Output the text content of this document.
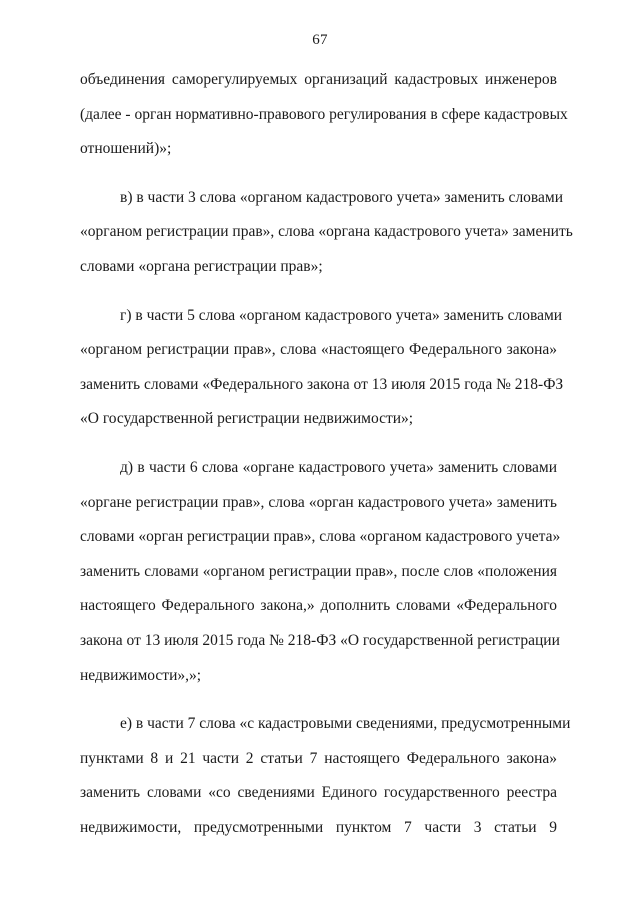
67
объединения саморегулируемых организаций кадастровых инженеров
(далее - орган нормативно-правового регулирования в сфере кадастровых
отношений)»;
в) в части 3 слова «органом кадастрового учета» заменить словами
«органом регистрации прав», слова «органа кадастрового учета» заменить
словами «органа регистрации прав»;
г) в части 5 слова «органом кадастрового учета» заменить словами
«органом регистрации прав», слова «настоящего Федерального закона»
заменить словами «Федерального закона от 13 июля 2015 года № 218-ФЗ
«О государственной регистрации недвижимости»;
д) в части 6 слова «органе кадастрового учета» заменить словами
«органе регистрации прав», слова «орган кадастрового учета» заменить
словами «орган регистрации прав», слова «органом кадастрового учета»
заменить словами «органом регистрации прав», после слов «положения
настоящего Федерального закона,» дополнить словами «Федерального
закона от 13 июля 2015 года № 218-ФЗ «О государственной регистрации
недвижимости»,»;
е) в части 7 слова «с кадастровыми сведениями, предусмотренными
пунктами 8 и 21 части 2 статьи 7 настоящего Федерального закона»
заменить словами «со сведениями Единого государственного реестра
недвижимости, предусмотренными пунктом 7 части 3 статьи 9
